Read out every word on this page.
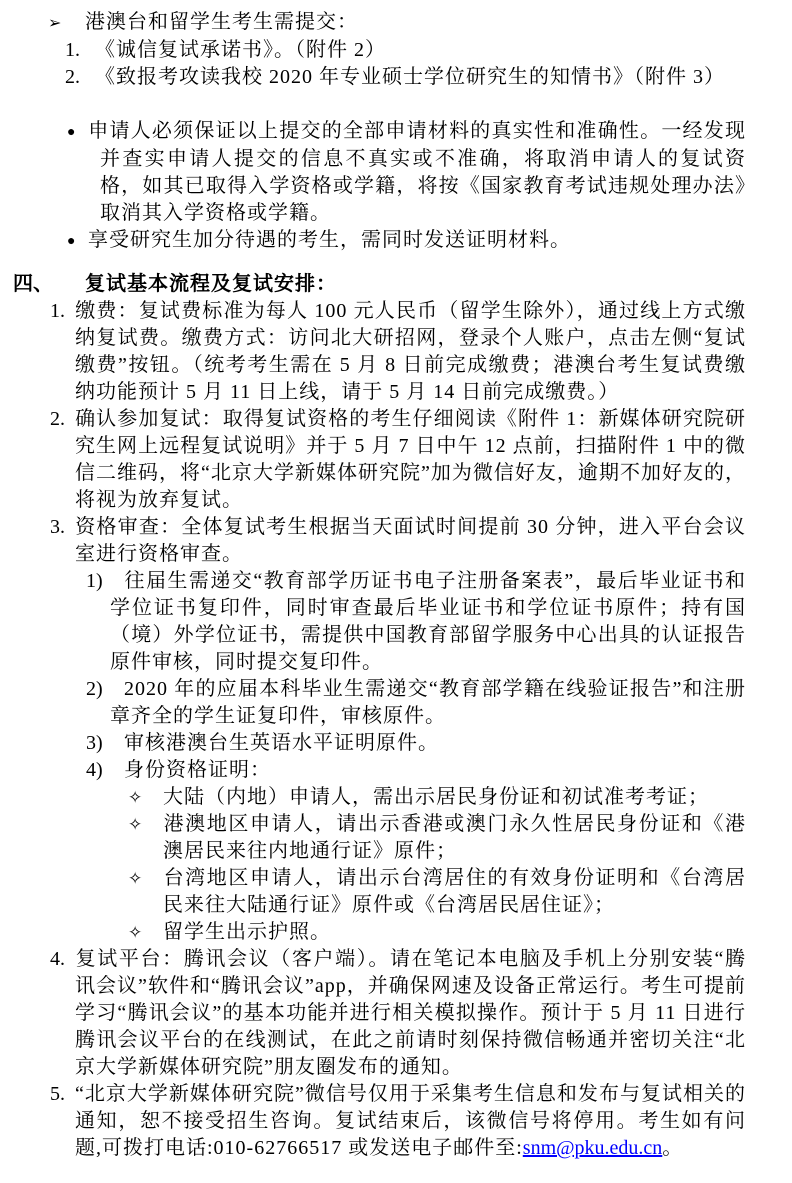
➢ 港澳台和留学生考生需提交：

1. 《诚信复试承诺书》。（附件 2）

2. 《致报考攻读我校 2020 年专业硕士学位研究生的知情书》（附件 3）

● 申请人必须保证以上提交的全部申请材料的真实性和准确性。一经发现并查实申请人提交的信息不真实或不准确，将取消申请人的复试资格，如其已取得入学资格或学籍，将按《国家教育考试违规处理办法》取消其入学资格或学籍。

● 享受研究生加分待遇的考生，需同时发送证明材料。

四、 复试基本流程及复试安排：

1. 缴费：复试费标准为每人 100 元人民币（留学生除外），通过线上方式缴纳复试费。缴费方式：访问北大研招网，登录个人账户，点击左侧“复试缴费”按钮。（统考考生需在 5 月 8 日前完成缴费；港澳台考生复试费缴纳功能预计 5 月 11 日上线，请于 5 月 14 日前完成缴费。）

2. 确认参加复试：取得复试资格的考生仔细阅读《附件 1：新媒体研究院研究生网上远程复试说明》并于 5 月 7 日中午 12 点前，扫描附件 1 中的微信二维码，将“北京大学新媒体研究院”加为微信好友，逾期不加好友的，将视为放弃复试。

3. 资格审查：全体复试考生根据当天面试时间提前 30 分钟，进入平台会议室进行资格审查。

1) 往届生需递交“教育部学历证书电子注册备案表”，最后毕业证书和学位证书复印件，同时审查最后毕业证书和学位证书原件；持有国（境）外学位证书，需提供中国教育部留学服务中心出具的认证报告原件审核，同时提交复印件。

2) 2020 年的应届本科毕业生需递交“教育部学籍在线验证报告”和注册章齐全的学生证复印件，审核原件。

3) 审核港澳台生英语水平证明原件。

4) 身份资格证明：

✧ 大陆（内地）申请人，需出示居民身份证和初试准考考证；

✧ 港澳地区申请人，请出示香港或澳门永久性居民身份证和《港澳居民来往内地通行证》原件；

✧ 台湾地区申请人，请出示台湾居住的有效身份证明和《台湾居民来往大陆通行证》原件或《台湾居民居住证》；

✧ 留学生出示护照。

4. 复试平台：腾讯会议（客户端）。请在笔记本电脑及手机上分别安装“腾讯会议”软件和“腾讯会议”app，并确保网速及设备正常运行。考生可提前学习“腾讯会议”的基本功能并进行相关模拟操作。预计于 5 月 11 日进行腾讯会议平台的在线测试，在此之前请时刻保持微信畅通并密切关注“北京大学新媒体研究院”朋友圈发布的通知。

5. “北京大学新媒体研究院”微信号仅用于采集考生信息和发布与复试相关的通知，恕不接受招生咨询。复试结束后，该微信号将停用。考生如有问题,可拨打电话:010-62766517 或发送电子邮件至:snm@pku.edu.cn。
